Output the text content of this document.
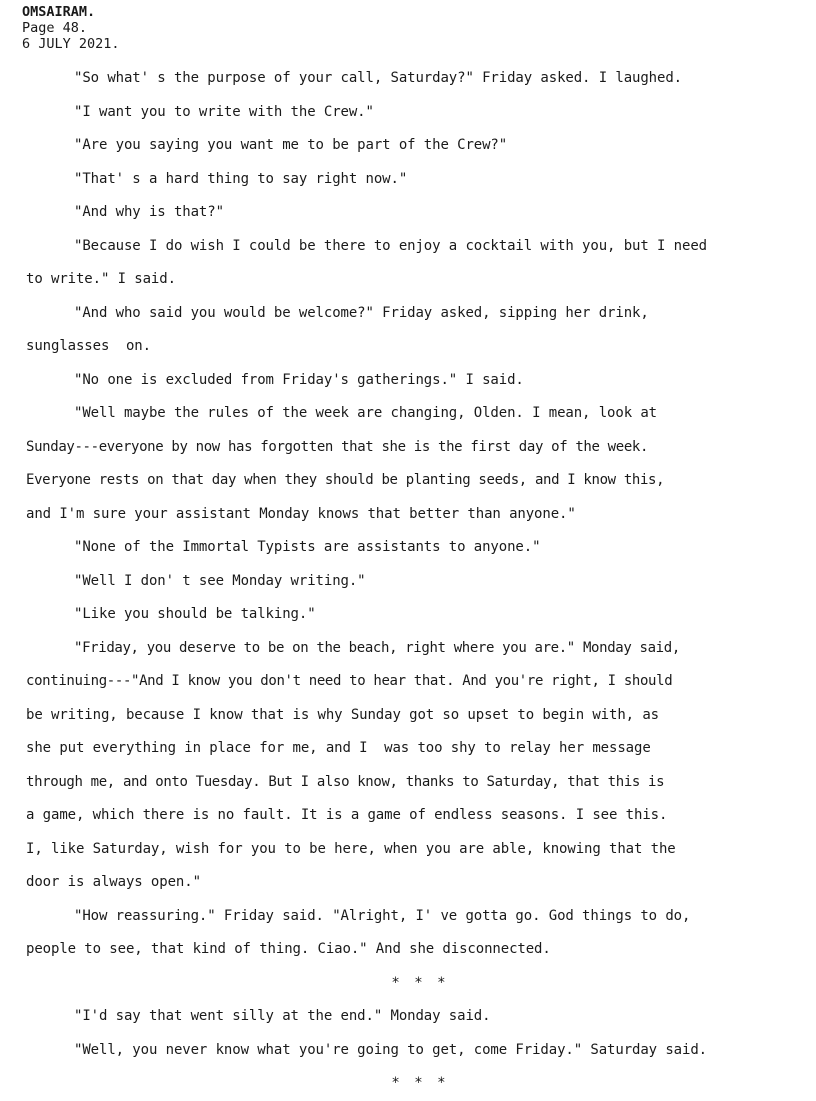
OMSAIRAM.
Page 48.
6 JULY 2021.
"So what' s the purpose of your call, Saturday?" Friday asked. I laughed.
"I want you to write with the Crew."
"Are you saying you want me to be part of the Crew?"
"That' s a hard thing to say right now."
"And why is that?"
"Because I do wish I could be there to enjoy a cocktail with you, but I need
to write." I said.
"And who said you would be welcome?" Friday asked, sipping her drink,
sunglasses  on.
"No one is excluded from Friday's gatherings." I said.
"Well maybe the rules of the week are changing, Olden. I mean, look at
Sunday---everyone by now has forgotten that she is the first day of the week.
Everyone rests on that day when they should be planting seeds, and I know this,
and I'm sure your assistant Monday knows that better than anyone."
"None of the Immortal Typists are assistants to anyone."
"Well I don' t see Monday writing."
"Like you should be talking."
"Friday, you deserve to be on the beach, right where you are." Monday said,
continuing---"And I know you don't need to hear that. And you're right, I should
be writing, because I know that is why Sunday got so upset to begin with, as
she put everything in place for me, and I  was too shy to relay her message
through me, and onto Tuesday. But I also know, thanks to Saturday, that this is
a game, which there is no fault. It is a game of endless seasons. I see this.
I, like Saturday, wish for you to be here, when you are able, knowing that the
door is always open."
"How reassuring." Friday said. "Alright, I' ve gotta go. God things to do,
people to see, that kind of thing. Ciao." And she disconnected.
* * *
"I'd say that went silly at the end." Monday said.
"Well, you never know what you're going to get, come Friday." Saturday said.
* * *
